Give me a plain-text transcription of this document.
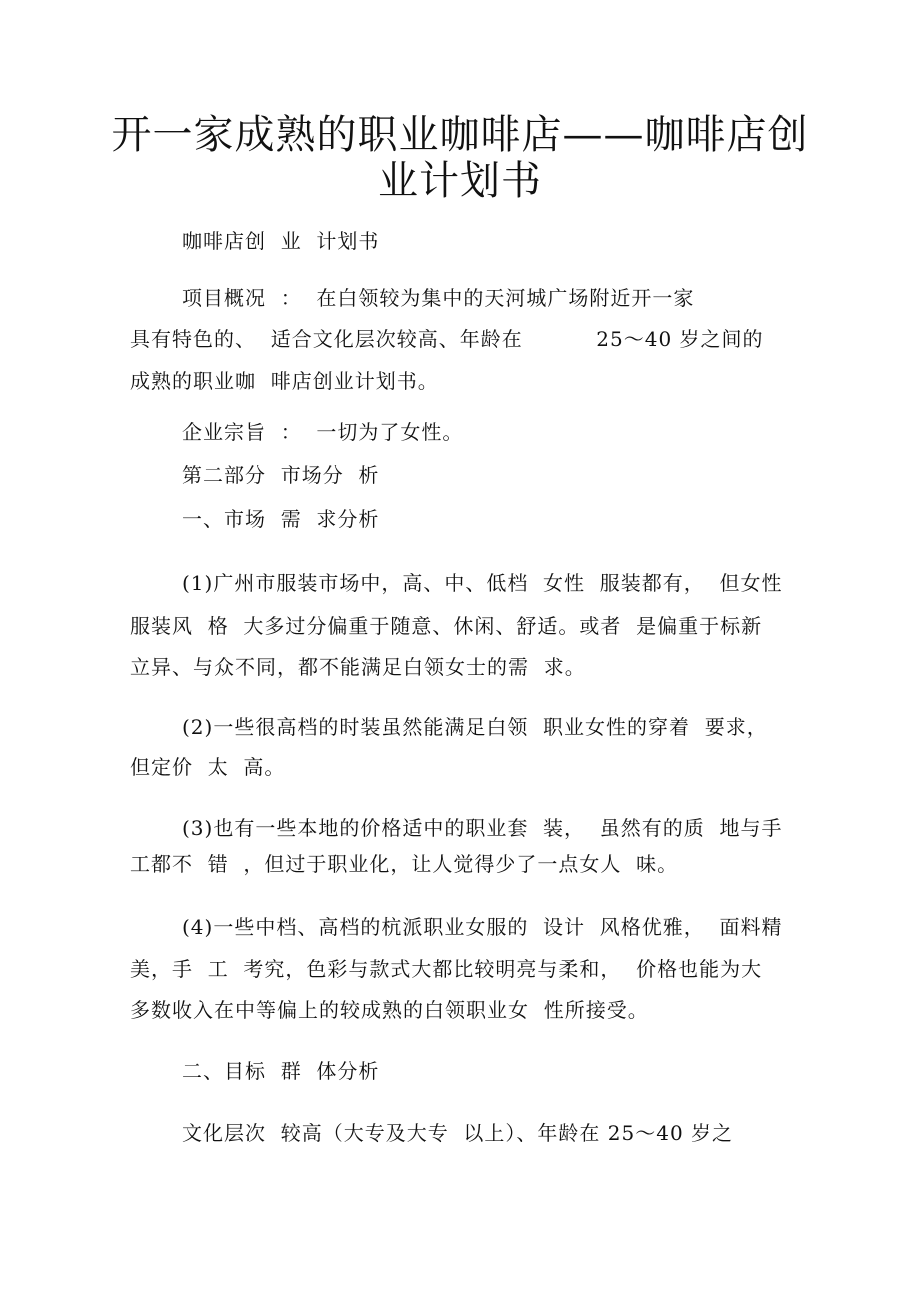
开一家成熟的职业咖啡店——咖啡店创
业计划书
咖啡店创  业  计划书
项目概况  ：  在白领较为集中的天河城广场附近开一家
具有特色的、  适合文化层次较高、年龄在          25～40 岁之间的
成熟的职业咖  啡店创业计划书。
企业宗旨  ：  一切为了女性。
第二部分  市场分  析
一、市场  需  求分析
(1)广州市服装市场中，高、中、低档  女性  服装都有，  但女性
服装风  格  大多过分偏重于随意、休闲、舒适。或者  是偏重于标新
立异、与众不同，都不能满足白领女士的需  求。
(2)一些很高档的时装虽然能满足白领  职业女性的穿着  要求，
但定价  太  高。
(3)也有一些本地的价格适中的职业套  装，  虽然有的质  地与手
工都不  错  ，但过于职业化，让人觉得少了一点女人  味。
(4)一些中档、高档的杭派职业女服的  设计  风格优雅，  面料精
美，手  工  考究，色彩与款式大都比较明亮与柔和，  价格也能为大
多数收入在中等偏上的较成熟的白领职业女  性所接受。
二、目标  群  体分析
文化层次  较高（大专及大专  以上）、年龄在 25～40 岁之
